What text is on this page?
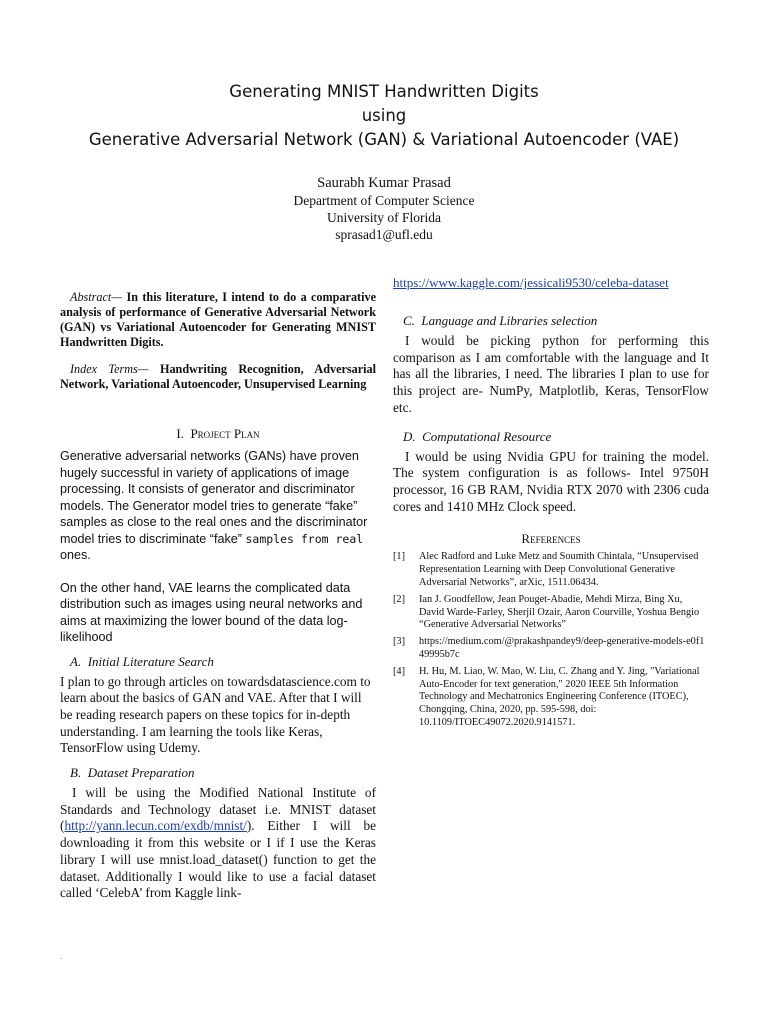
Generating MNIST Handwritten Digits
using
Generative Adversarial Network (GAN) & Variational Autoencoder (VAE)
Saurabh Kumar Prasad
Department of Computer Science
University of Florida
sprasad1@ufl.edu
Abstract— In this literature, I intend to do a comparative analysis of performance of Generative Adversarial Network (GAN) vs Variational Autoencoder for Generating MNIST Handwritten Digits.
Index Terms— Handwriting Recognition, Adversarial Network, Variational Autoencoder, Unsupervised Learning
I. Project Plan
Generative adversarial networks (GANs) have proven hugely successful in variety of applications of image processing. It consists of generator and discriminator models. The Generator model tries to generate “fake” samples as close to the real ones and the discriminator model tries to discriminate “fake” samples from real ones.
On the other hand, VAE learns the complicated data distribution such as images using neural networks and aims at maximizing the lower bound of the data log-likelihood
A. Initial Literature Search
I plan to go through articles on towardsdatascience.com to learn about the basics of GAN and VAE. After that I will be reading research papers on these topics for in-depth understanding. I am learning the tools like Keras, TensorFlow using Udemy.
B. Dataset Preparation
I will be using the Modified National Institute of Standards and Technology dataset i.e. MNIST dataset (http://yann.lecun.com/exdb/mnist/). Either I will be downloading it from this website or I if I use the Keras library I will use mnist.load_dataset() function to get the dataset. Additionally I would like to use a facial dataset called ‘CelebA’ from Kaggle link-
https://www.kaggle.com/jessicali9530/celeba-dataset
C. Language and Libraries selection
I would be picking python for performing this comparison as I am comfortable with the language and It has all the libraries, I need. The libraries I plan to use for this project are- NumPy, Matplotlib, Keras, TensorFlow etc.
D. Computational Resource
I would be using Nvidia GPU for training the model. The system configuration is as follows- Intel 9750H processor, 16 GB RAM, Nvidia RTX 2070 with 2306 cuda cores and 1410 MHz Clock speed.
References
[1]	Alec Radford and Luke Metz and Soumith Chintala, “Unsupervised Representation Learning with Deep Convolutional Generative Adversarial Networks”, arXic, 1511.06434.
[2]	Ian J. Goodfellow, Jean Pouget-Abadie, Mehdi Mirza, Bing Xu, David Warde-Farley, Sherjil Ozair, Aaron Courville, Yoshua Bengio “Generative Adversarial Networks”
[3]	https://medium.com/@prakashpandey9/deep-generative-models-e0f149995b7c
[4]	H. Hu, M. Liao, W. Mao, W. Liu, C. Zhang and Y. Jing, "Variational Auto-Encoder for text generation," 2020 IEEE 5th Information Technology and Mechatronics Engineering Conference (ITOEC), Chongqing, China, 2020, pp. 595-598, doi: 10.1109/ITOEC49072.2020.9141571.
.
